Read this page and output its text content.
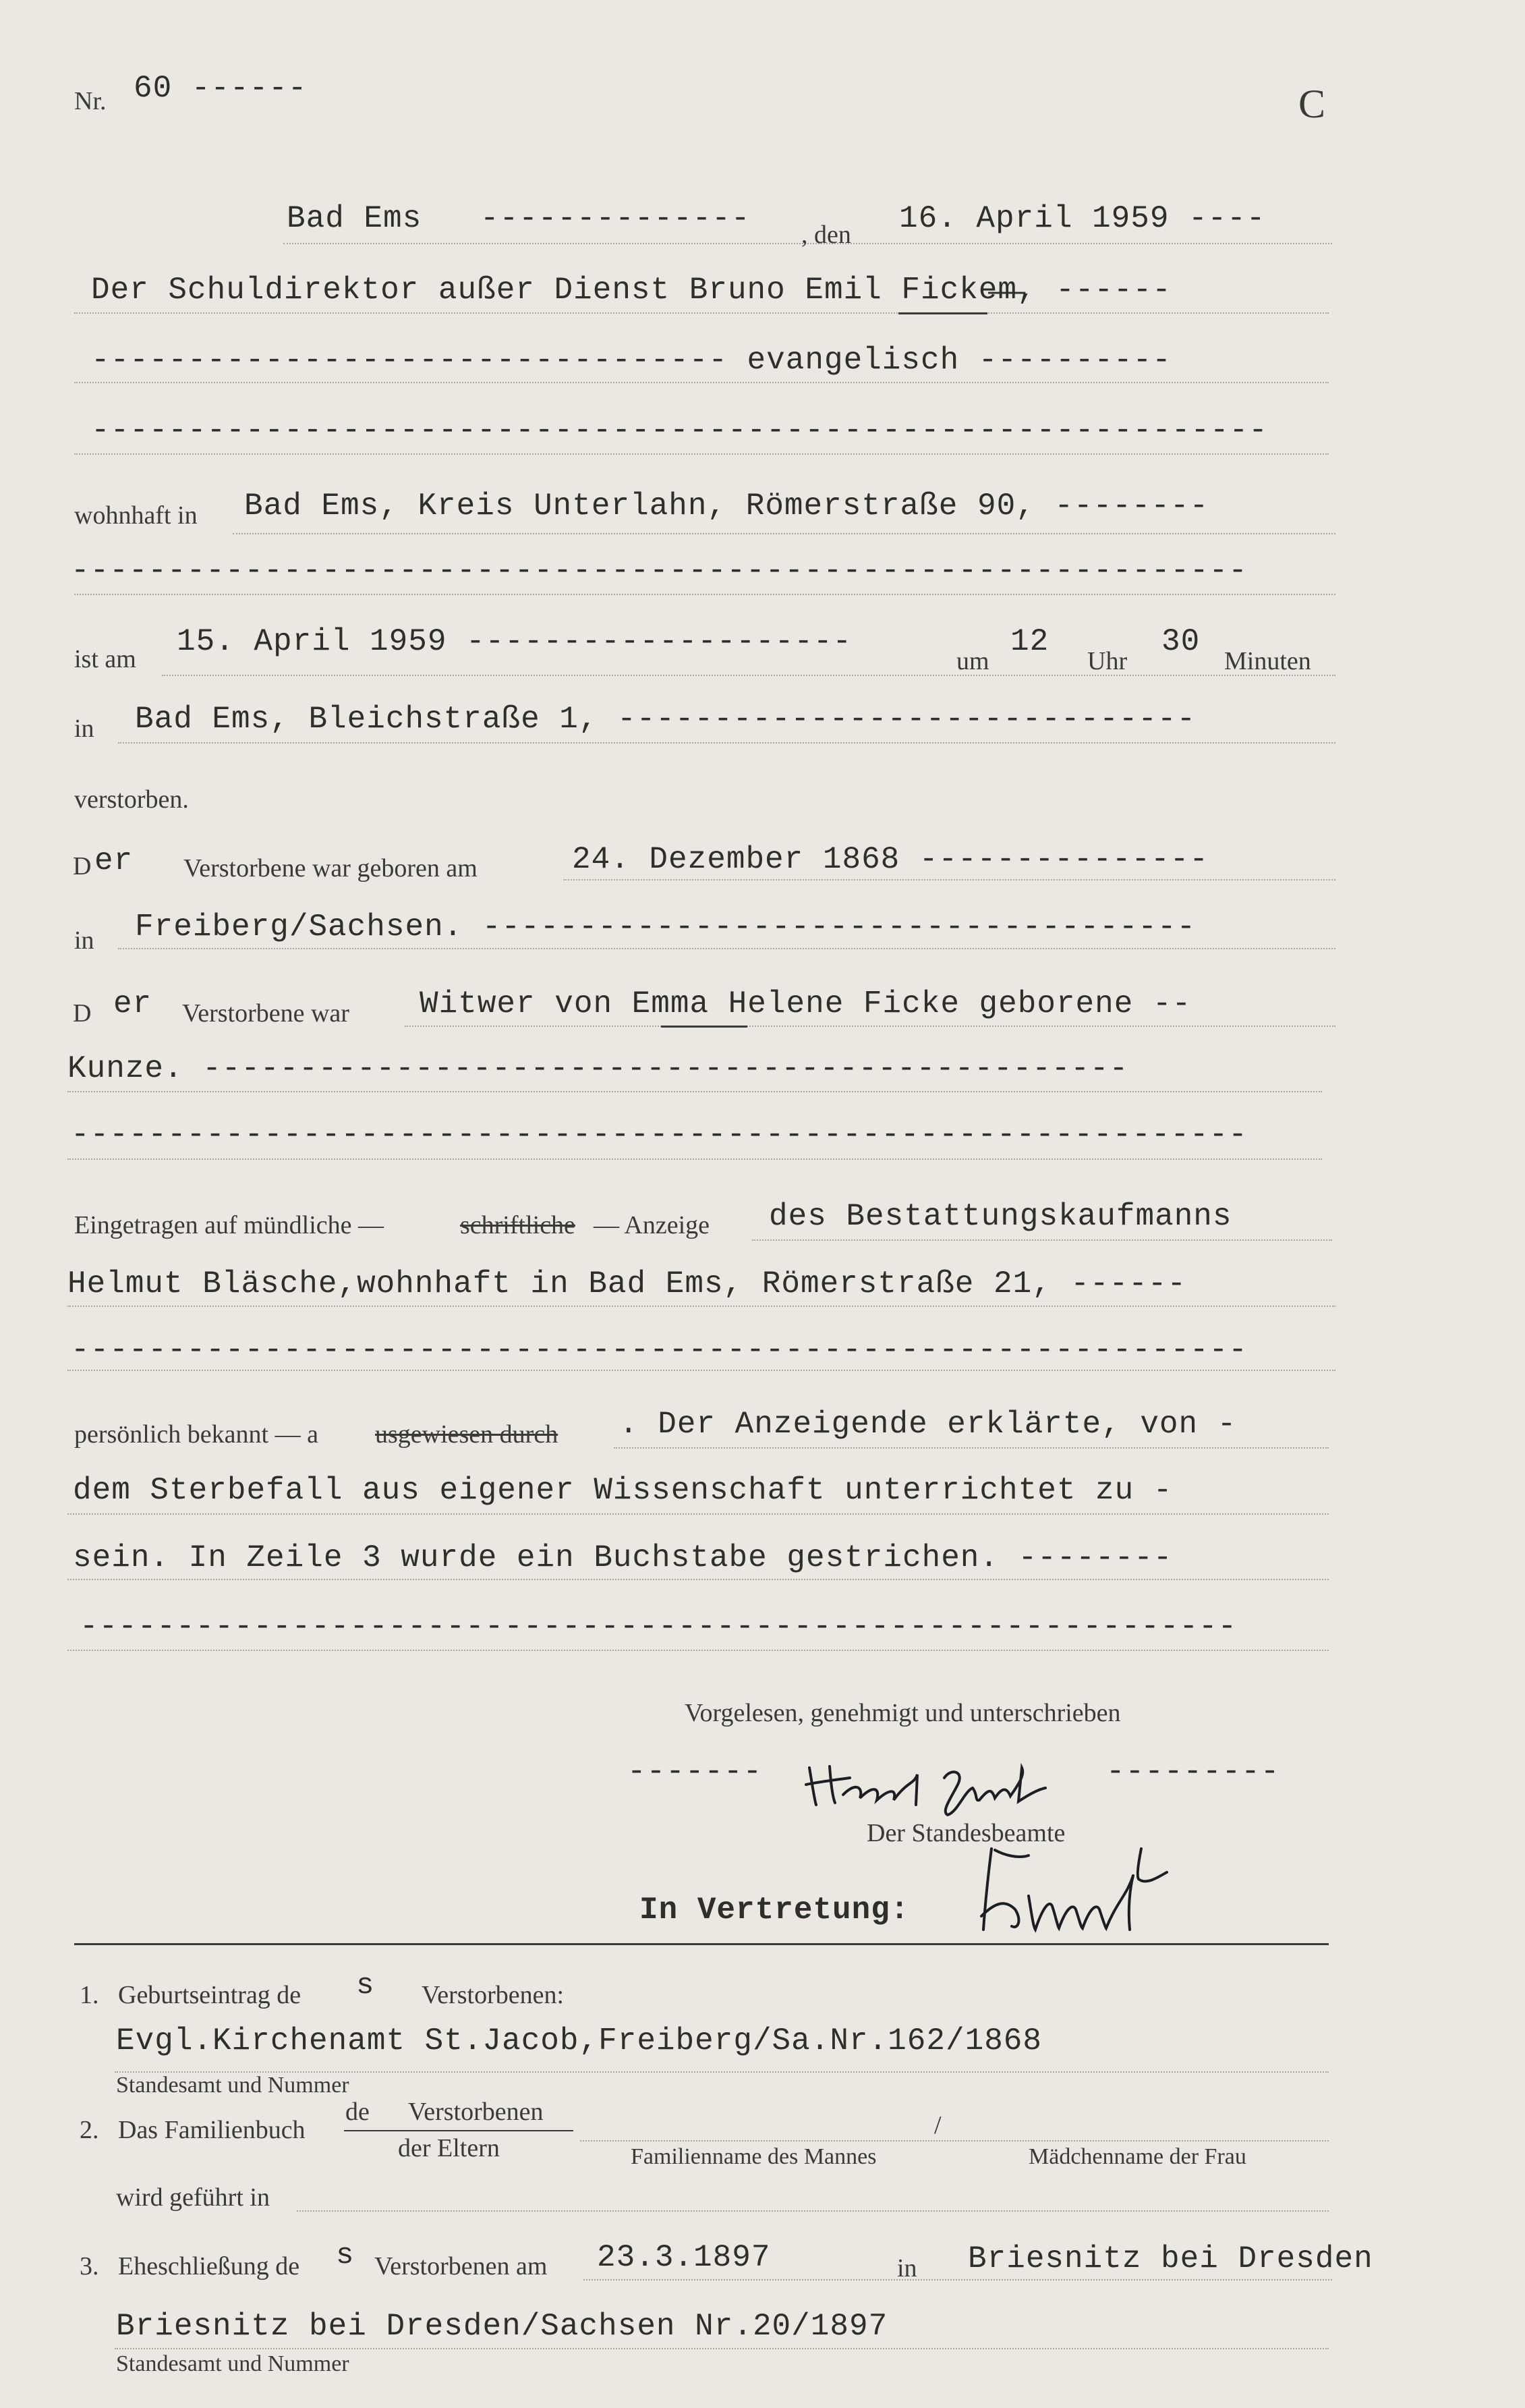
Nr. 60 ------	C
Bad Ems -------------- , den 16. April 1959 ----
Der Schuldirektor außer Dienst Bruno Emil Ficke̶m̶, ------
--------------------------------- evangelisch ----------
-------------------------------------------------------------
wohnhaft in Bad Ems, Kreis Unterlahn, Römerstraße 90, --------
-------------------------------------------------------------
ist am 15. April 1959 --------------------
um
12
Uhr
30
Minuten
in Bad Ems, Bleichstraße 1, ------------------------------
verstorben.
D er Verstorbene war geboren am	24. Dezember 1868 ---------------
in Freiberg/Sachsen. -------------------------------------
D er Verstorbene war Witwer von Emma Helene Ficke geborene --
Kunze. ------------------------------------------------
-------------------------------------------------------------
Eingetragen auf mündliche —	schriftliche — Anzeige des Bestattungskaufmanns
Helmut Bläsche,wohnhaft in Bad Ems, Römerstraße 21, ------
-------------------------------------------------------------
persönlich bekannt — a usgewiesen durch . Der Anzeigende erklärte, von -
dem Sterbefall aus eigener Wissenschaft unterrichtet zu -
sein. In Zeile 3 wurde ein Buchstabe gestrichen. --------
------------------------------------------------------------
Vorgelesen, genehmigt und unterschrieben
-------	---------
Der Standesbeamte
In Vertretung:
1. Geburtseintrag de s Verstorbenen:
Evgl.Kirchenamt St.Jacob,Freiberg/Sa.Nr.162/1868
Standesamt und Nummer
2. Das Familienbuch
de Verstorbenen
der Eltern
/
Familienname des Mannes	Mädchenname der Frau
wird geführt in
3. Eheschließung de s Verstorbenen am 23.3.1897	in Briesnitz bei Dresden
Briesnitz bei Dresden/Sachsen Nr.20/1897
Standesamt und Nummer
